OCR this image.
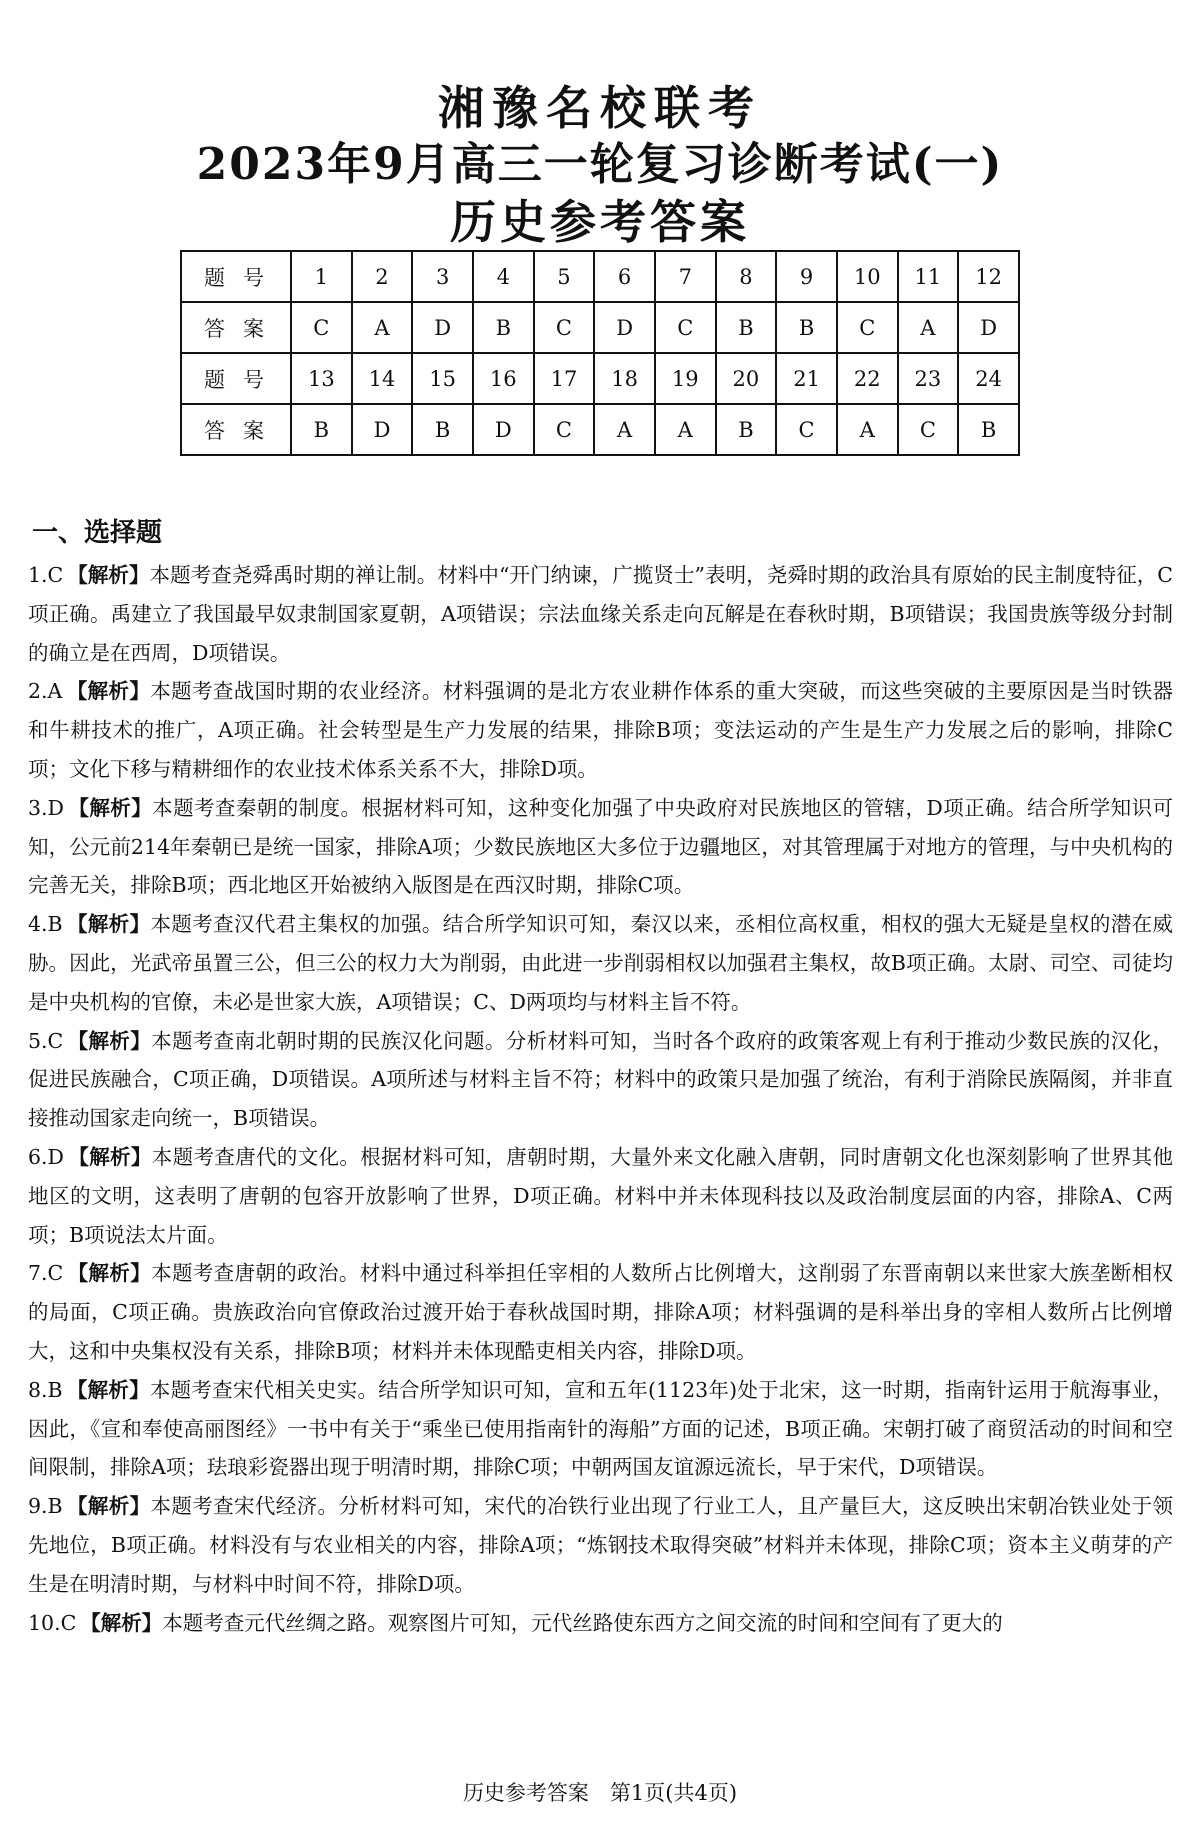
湘豫名校联考
2023年9月高三一轮复习诊断考试(一)
历史参考答案
题号	1	2	3	4	5	6	7	8	9	10	11	12
答案	C	A	D	B	C	D	C	B	B	C	A	D
题号	13	14	15	16	17	18	19	20	21	22	23	24
答案	B	D	B	D	C	A	A	B	C	A	C	B
一、选择题
1.C 【解析】本题考查尧舜禹时期的禅让制。材料中“开门纳谏，广揽贤士”表明，尧舜时期的政治具有原始的民主制度特征，C项正确。禹建立了我国最早奴隶制国家夏朝，A项错误；宗法血缘关系走向瓦解是在春秋时期，B项错误；我国贵族等级分封制的确立是在西周，D项错误。
2.A 【解析】本题考查战国时期的农业经济。材料强调的是北方农业耕作体系的重大突破，而这些突破的主要原因是当时铁器和牛耕技术的推广，A项正确。社会转型是生产力发展的结果，排除B项；变法运动的产生是生产力发展之后的影响，排除C项；文化下移与精耕细作的农业技术体系关系不大，排除D项。
3.D 【解析】本题考查秦朝的制度。根据材料可知，这种变化加强了中央政府对民族地区的管辖，D项正确。结合所学知识可知，公元前214年秦朝已是统一国家，排除A项；少数民族地区大多位于边疆地区，对其管理属于对地方的管理，与中央机构的完善无关，排除B项；西北地区开始被纳入版图是在西汉时期，排除C项。
4.B 【解析】本题考查汉代君主集权的加强。结合所学知识可知，秦汉以来，丞相位高权重，相权的强大无疑是皇权的潜在威胁。因此，光武帝虽置三公，但三公的权力大为削弱，由此进一步削弱相权以加强君主集权，故B项正确。太尉、司空、司徒均是中央机构的官僚，未必是世家大族，A项错误；C、D两项均与材料主旨不符。
5.C 【解析】本题考查南北朝时期的民族汉化问题。分析材料可知，当时各个政府的政策客观上有利于推动少数民族的汉化，促进民族融合，C项正确，D项错误。A项所述与材料主旨不符；材料中的政策只是加强了统治，有利于消除民族隔阂，并非直接推动国家走向统一，B项错误。
6.D 【解析】本题考查唐代的文化。根据材料可知，唐朝时期，大量外来文化融入唐朝，同时唐朝文化也深刻影响了世界其他地区的文明，这表明了唐朝的包容开放影响了世界，D项正确。材料中并未体现科技以及政治制度层面的内容，排除A、C两项；B项说法太片面。
7.C 【解析】本题考查唐朝的政治。材料中通过科举担任宰相的人数所占比例增大，这削弱了东晋南朝以来世家大族垄断相权的局面，C项正确。贵族政治向官僚政治过渡开始于春秋战国时期，排除A项；材料强调的是科举出身的宰相人数所占比例增大，这和中央集权没有关系，排除B项；材料并未体现酷吏相关内容，排除D项。
8.B 【解析】本题考查宋代相关史实。结合所学知识可知，宣和五年(1123年)处于北宋，这一时期，指南针运用于航海事业，因此，《宣和奉使高丽图经》一书中有关于“乘坐已使用指南针的海船”方面的记述，B项正确。宋朝打破了商贸活动的时间和空间限制，排除A项；珐琅彩瓷器出现于明清时期，排除C项；中朝两国友谊源远流长，早于宋代，D项错误。
9.B 【解析】本题考查宋代经济。分析材料可知，宋代的冶铁行业出现了行业工人，且产量巨大，这反映出宋朝冶铁业处于领先地位，B项正确。材料没有与农业相关的内容，排除A项；“炼钢技术取得突破”材料并未体现，排除C项；资本主义萌芽的产生是在明清时期，与材料中时间不符，排除D项。
10.C 【解析】本题考查元代丝绸之路。观察图片可知，元代丝路使东西方之间交流的时间和空间有了更大的
历史参考答案　第1页(共4页)
